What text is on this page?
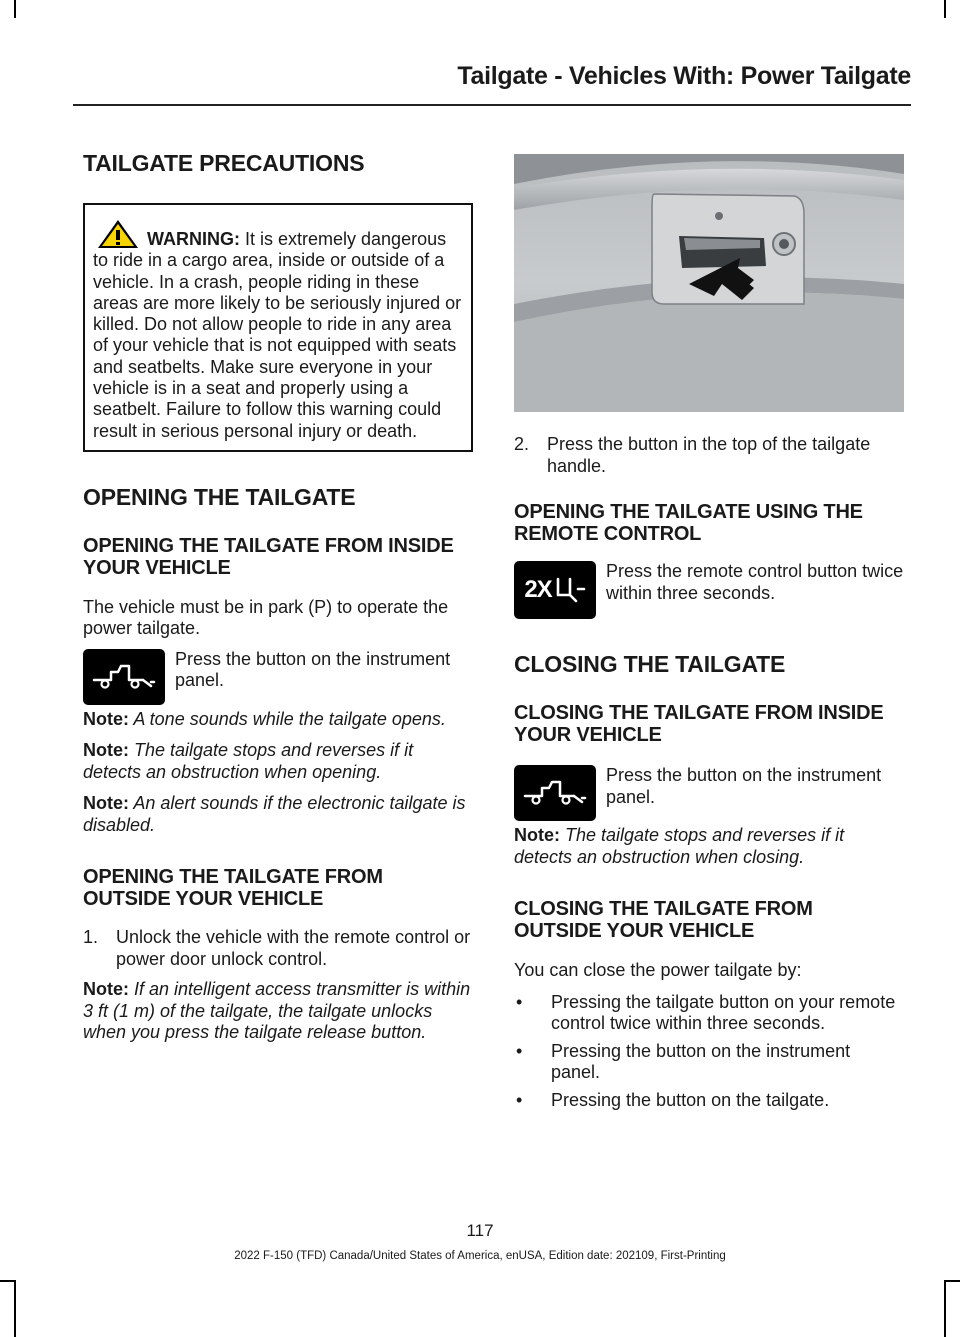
Tailgate - Vehicles With: Power Tailgate
TAILGATE PRECAUTIONS

WARNING: It is extremely dangerous to ride in a cargo area, inside or outside of a vehicle. In a crash, people riding in these areas are more likely to be seriously injured or killed. Do not allow people to ride in any area of your vehicle that is not equipped with seats and seatbelts. Make sure everyone in your vehicle is in a seat and properly using a seatbelt. Failure to follow this warning could result in serious personal injury or death.

OPENING THE TAILGATE
OPENING THE TAILGATE FROM INSIDE YOUR VEHICLE

The vehicle must be in park (P) to operate the power tailgate.

Press the button on the instrument panel.

Note: A tone sounds while the tailgate opens.

Note: The tailgate stops and reverses if it detects an obstruction when opening.

Note: An alert sounds if the electronic tailgate is disabled.

OPENING THE TAILGATE FROM OUTSIDE YOUR VEHICLE

1. Unlock the vehicle with the remote control or power door unlock control.

Note: If an intelligent access transmitter is within 3 ft (1 m) of the tailgate, the tailgate unlocks when you press the tailgate release button.

2. Press the button in the top of the tailgate handle.

OPENING THE TAILGATE USING THE REMOTE CONTROL
2X

Press the remote control button twice within three seconds.

CLOSING THE TAILGATE
CLOSING THE TAILGATE FROM INSIDE YOUR VEHICLE

Press the button on the instrument panel.

Note: The tailgate stops and reverses if it detects an obstruction when closing.

CLOSING THE TAILGATE FROM OUTSIDE YOUR VEHICLE

You can close the power tailgate by:

•	Pressing the tailgate button on your remote control twice within three seconds.

•	Pressing the button on the instrument panel.

•	Pressing the button on the tailgate.

117
2022 F-150 (TFD) Canada/United States of America, enUSA, Edition date: 202109, First-Printing
